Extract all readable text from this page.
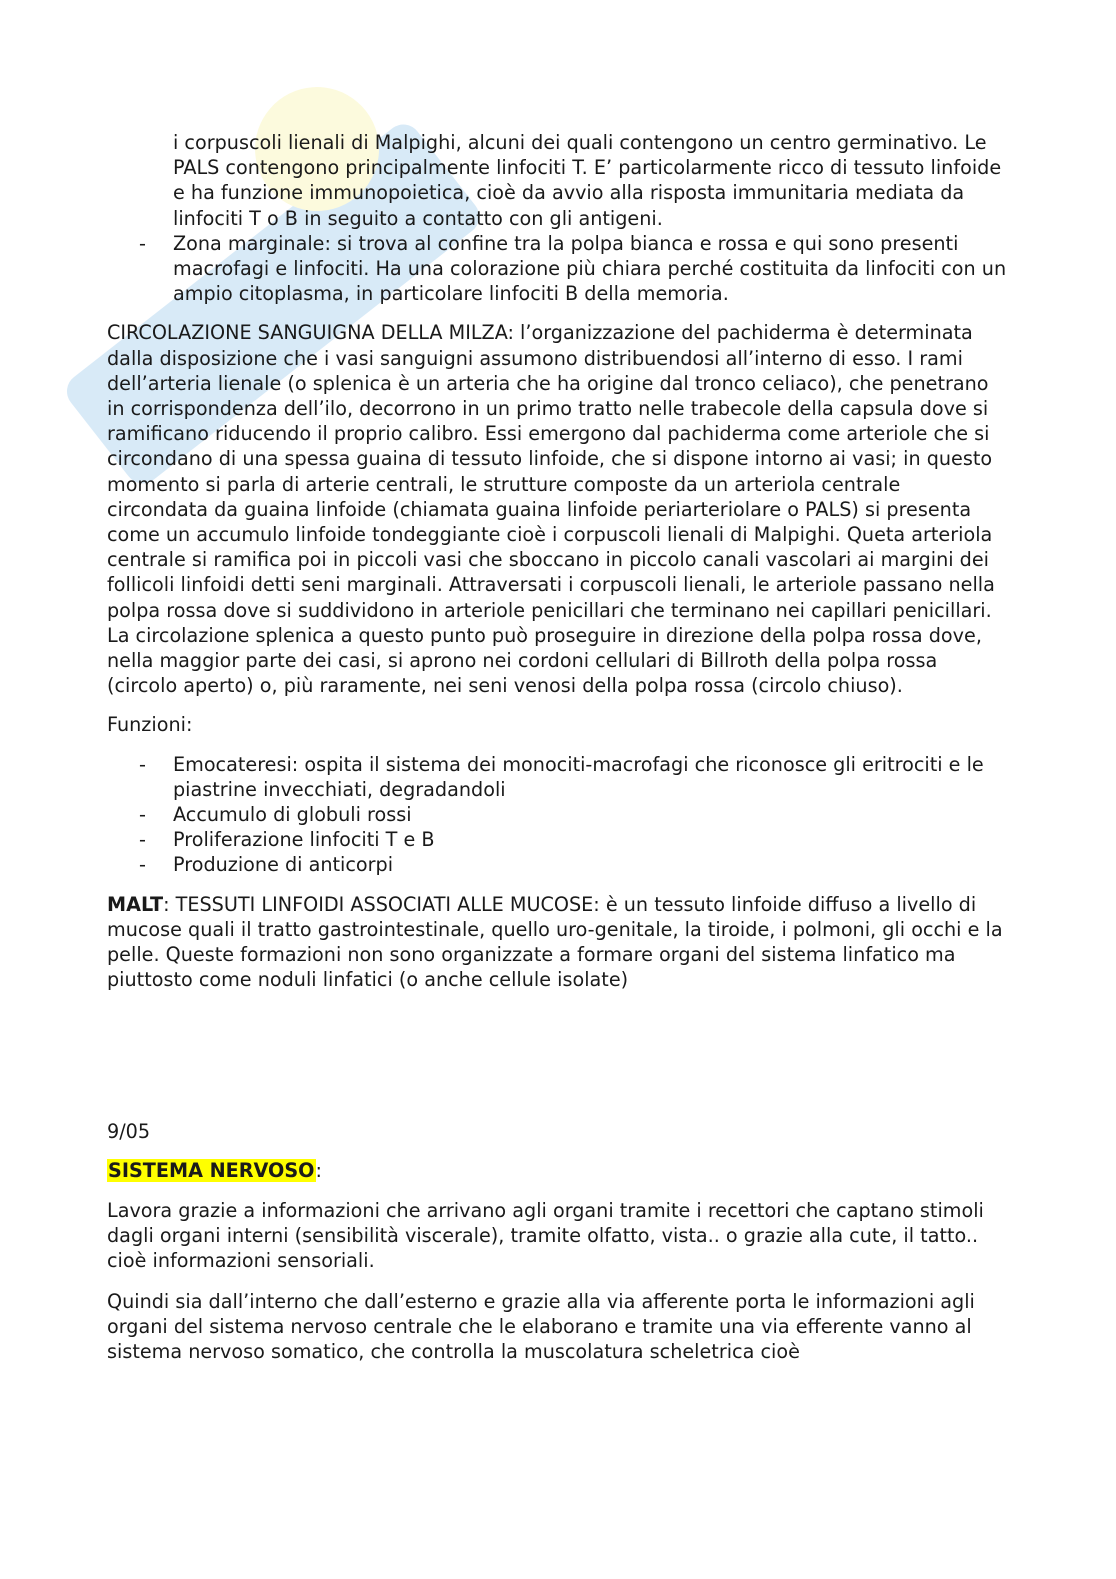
i corpuscoli lienali di Malpighi, alcuni dei quali contengono un centro germinativo. Le PALS contengono principalmente linfociti T. E’ particolarmente ricco di tessuto linfoide e ha funzione immunopoietica, cioè da avvio alla risposta immunitaria mediata da linfociti T o B in seguito a contatto con gli antigeni.

- Zona marginale: si trova al confine tra la polpa bianca e rossa e qui sono presenti macrofagi e linfociti. Ha una colorazione più chiara perché costituita da linfociti con un ampio citoplasma, in particolare linfociti B della memoria.

CIRCOLAZIONE SANGUIGNA DELLA MILZA: l’organizzazione del pachiderma è determinata dalla disposizione che i vasi sanguigni assumono distribuendosi all’interno di esso. I rami dell’arteria lienale (o splenica è un arteria che ha origine dal tronco celiaco), che penetrano in corrispondenza dell’ilo, decorrono in un primo tratto nelle trabecole della capsula dove si ramificano riducendo il proprio calibro. Essi emergono dal pachiderma come arteriole che si circondano di una spessa guaina di tessuto linfoide, che si dispone intorno ai vasi; in questo momento si parla di arterie centrali, le strutture composte da un arteriola centrale circondata da guaina linfoide (chiamata guaina linfoide periarteriolare o PALS) si presenta come un accumulo linfoide tondeggiante cioè i corpuscoli lienali di Malpighi. Queta arteriola centrale si ramifica poi in piccoli vasi che sboccano in piccolo canali vascolari ai margini dei follicoli linfoidi detti seni marginali. Attraversati i corpuscoli lienali, le arteriole passano nella polpa rossa dove si suddividono in arteriole penicillari che terminano nei capillari penicillari. La circolazione splenica a questo punto può proseguire in direzione della polpa rossa dove, nella maggior parte dei casi, si aprono nei cordoni cellulari di Billroth della polpa rossa (circolo aperto) o, più raramente, nei seni venosi della polpa rossa (circolo chiuso).

Funzioni:

- Emocateresi: ospita il sistema dei monociti-macrofagi che riconosce gli eritrociti e le piastrine invecchiati, degradandoli
- Accumulo di globuli rossi
- Proliferazione linfociti T e B
- Produzione di anticorpi

MALT: TESSUTI LINFOIDI ASSOCIATI ALLE MUCOSE: è un tessuto linfoide diffuso a livello di mucose quali il tratto gastrointestinale, quello uro-genitale, la tiroide, i polmoni, gli occhi e la pelle. Queste formazioni non sono organizzate a formare organi del sistema linfatico ma piuttosto come noduli linfatici (o anche cellule isolate)

9/05

SISTEMA NERVOSO:

Lavora grazie a informazioni che arrivano agli organi tramite i recettori che captano stimoli dagli organi interni (sensibilità viscerale), tramite olfatto, vista.. o grazie alla cute, il tatto.. cioè informazioni sensoriali.

Quindi sia dall’interno che dall’esterno e grazie alla via afferente porta le informazioni agli organi del sistema nervoso centrale che le elaborano e tramite una via efferente vanno al sistema nervoso somatico, che controlla la muscolatura scheletrica cioè
